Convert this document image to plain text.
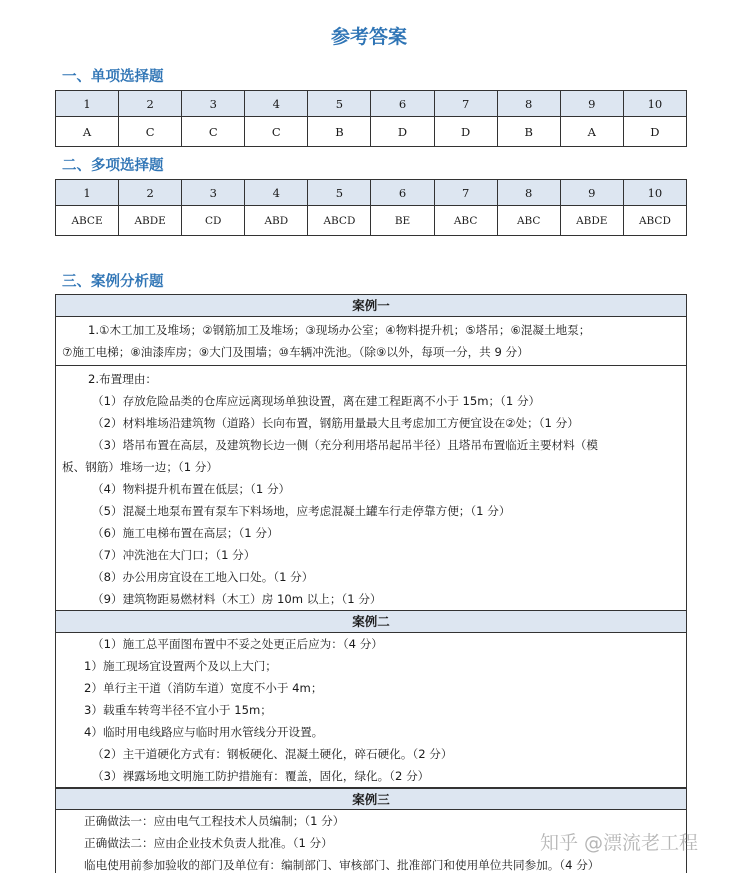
参考答案
一、单项选择题
1	2	3	4	5	6	7	8	9	10
A	C	C	C	B	D	D	B	A	D
二、多项选择题
1	2	3	4	5	6	7	8	9	10
ABCE	ABDE	CD	ABD	ABCD	BE	ABC	ABC	ABDE	ABCD
三、案例分析题
案例一
1.①木工加工及堆场；②钢筋加工及堆场；③现场办公室；④物料提升机；⑤塔吊；⑥混凝土地泵；
⑦施工电梯；⑧油漆库房；⑨大门及围墙；⑩车辆冲洗池。（除⑨以外，每项一分，共 9 分）
2.布置理由：
（1）存放危险品类的仓库应远离现场单独设置，离在建工程距离不小于 15m；（1 分）
（2）材料堆场沿建筑物（道路）长向布置，钢筋用量最大且考虑加工方便宜设在②处；（1 分）
（3）塔吊布置在高层，及建筑物长边一侧（充分利用塔吊起吊半径）且塔吊布置临近主要材料（模
板、钢筋）堆场一边；（1 分）
（4）物料提升机布置在低层；（1 分）
（5）混凝土地泵布置有泵车下料场地，应考虑混凝土罐车行走停靠方便；（1 分）
（6）施工电梯布置在高层；（1 分）
（7）冲洗池在大门口；（1 分）
（8）办公用房宜设在工地入口处。（1 分）
（9）建筑物距易燃材料（木工）房 10m 以上；（1 分）
案例二
（1）施工总平面图布置中不妥之处更正后应为：（4 分）
1）施工现场宜设置两个及以上大门；
2）单行主干道（消防车道）宽度不小于 4m；
3）载重车转弯半径不宜小于 15m；
4）临时用电线路应与临时用水管线分开设置。
（2）主干道硬化方式有：钢板硬化、混凝土硬化，碎石硬化。（2 分）
（3）裸露场地文明施工防护措施有：覆盖，固化，绿化。（2 分）
案例三
正确做法一：应由电气工程技术人员编制；（1 分）
正确做法二：应由企业技术负责人批准。（1 分）
临电使用前参加验收的部门及单位有：编制部门、审核部门、批准部门和使用单位共同参加。（4 分）
知乎 @漂流老工程
